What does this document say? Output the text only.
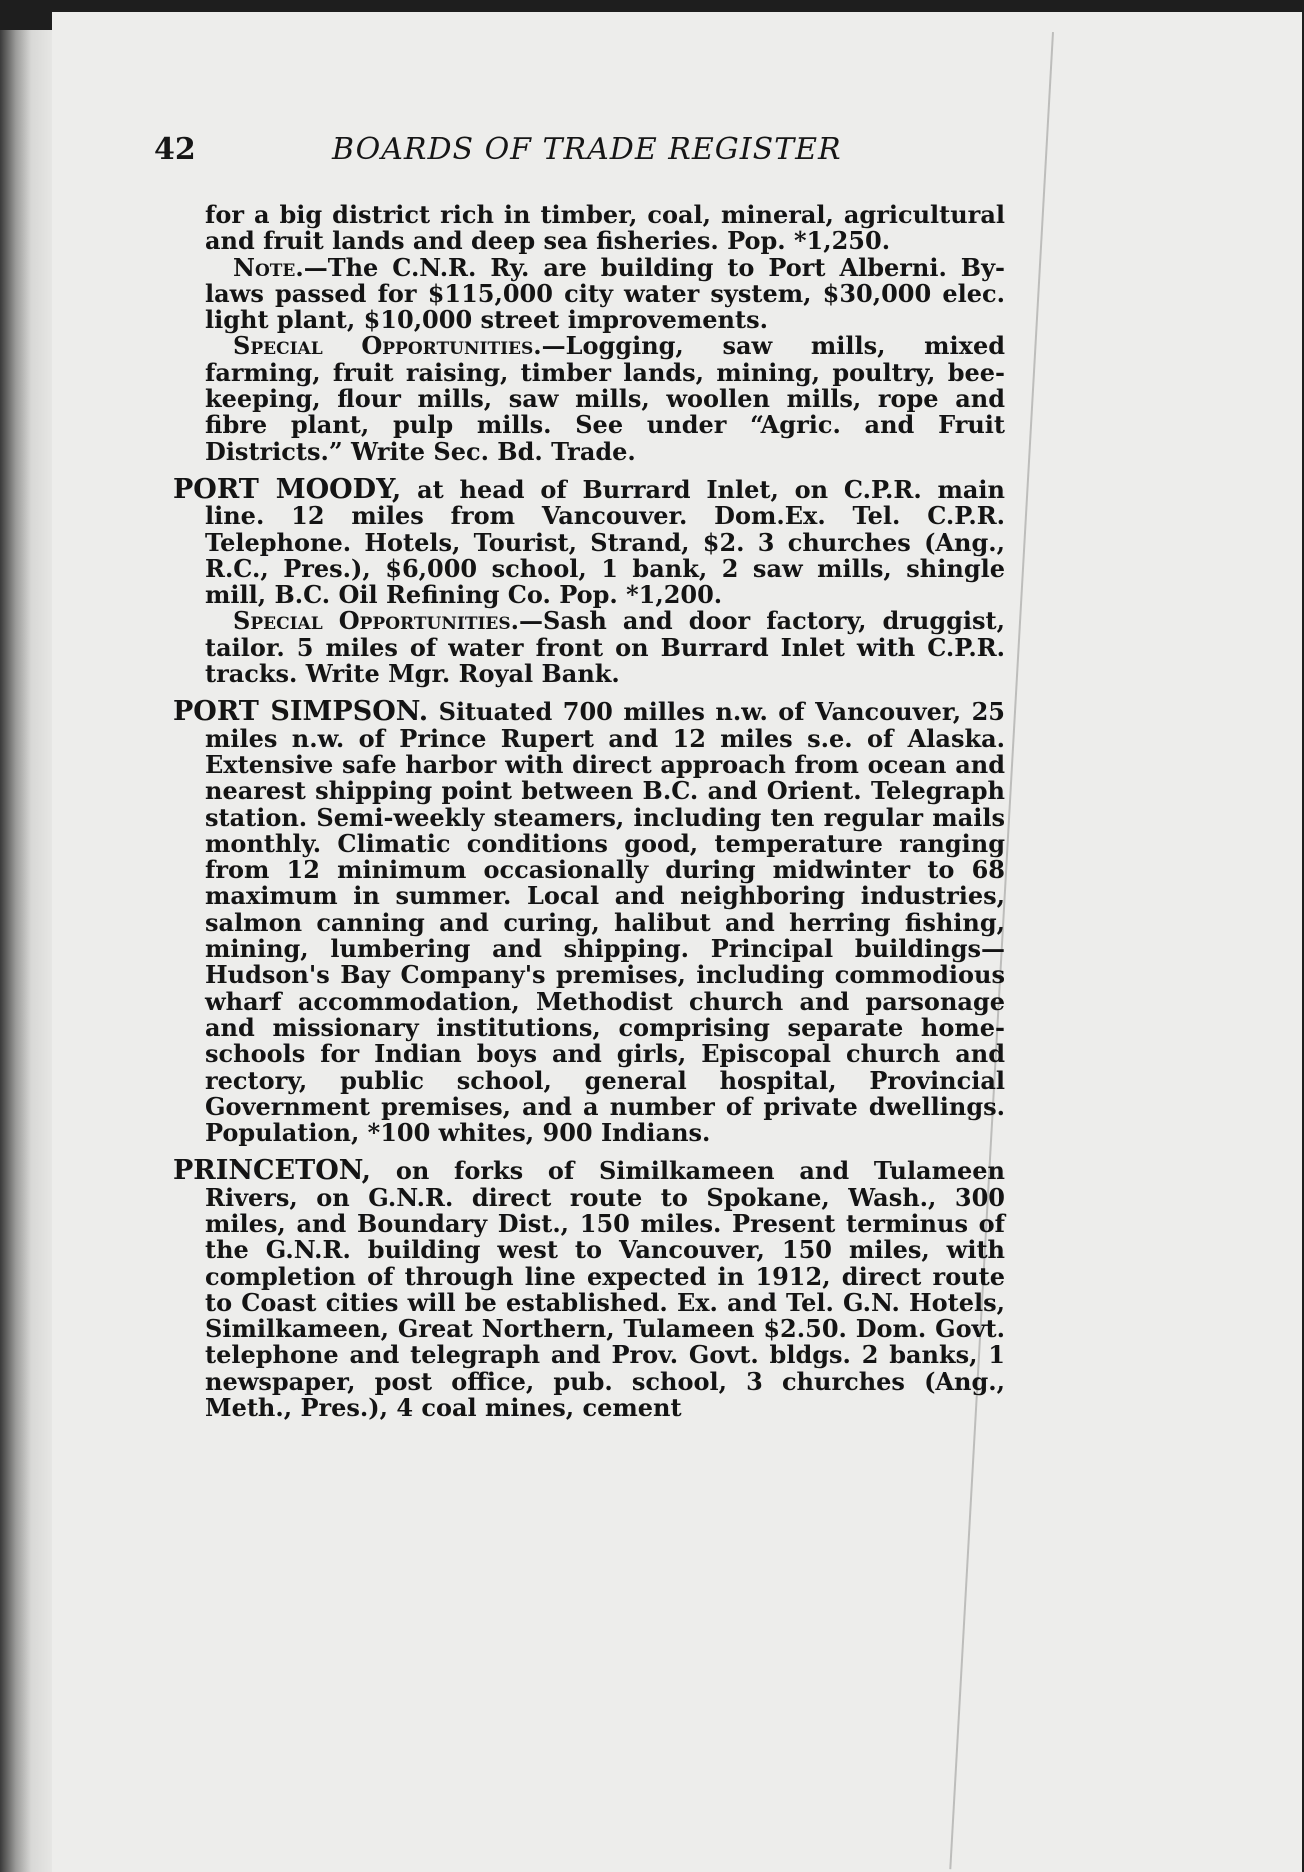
42	BOARDS OF TRADE REGISTER

for a big district rich in timber, coal, mineral, agricultural and fruit lands and deep sea fisheries. Pop. *1,250.

Note.—The C.N.R. Ry. are building to Port Alberni. By-laws passed for $115,000 city water system, $30,000 elec. light plant, $10,000 street improvements.

Special Opportunities.—Logging, saw mills, mixed farming, fruit raising, timber lands, mining, poultry, bee-keeping, flour mills, saw mills, woollen mills, rope and fibre plant, pulp mills. See under “Agric. and Fruit Districts.” Write Sec. Bd. Trade.

PORT MOODY, at head of Burrard Inlet, on C.P.R. main line. 12 miles from Vancouver. Dom.Ex. Tel. C.P.R. Telephone. Hotels, Tourist, Strand, $2. 3 churches (Ang., R.C., Pres.), $6,000 school, 1 bank, 2 saw mills, shingle mill, B.C. Oil Refining Co. Pop. *1,200.

Special Opportunities.—Sash and door factory, druggist, tailor. 5 miles of water front on Burrard Inlet with C.P.R. tracks. Write Mgr. Royal Bank.

PORT SIMPSON. Situated 700 milles n.w. of Vancouver, 25 miles n.w. of Prince Rupert and 12 miles s.e. of Alaska. Extensive safe harbor with direct approach from ocean and nearest shipping point between B.C. and Orient. Telegraph station. Semi-weekly steamers, including ten regular mails monthly. Climatic conditions good, temperature ranging from 12 minimum occasionally during midwinter to 68 maximum in summer. Local and neighboring industries, salmon canning and curing, halibut and herring fishing, mining, lumbering and shipping. Principal buildings—Hudson's Bay Company's premises, including commodious wharf accommodation, Methodist church and parsonage and missionary institutions, comprising separate home-schools for Indian boys and girls, Episcopal church and rectory, public school, general hospital, Provincial Government premises, and a number of private dwellings. Population, *100 whites, 900 Indians.

PRINCETON, on forks of Similkameen and Tulameen Rivers, on G.N.R. direct route to Spokane, Wash., 300 miles, and Boundary Dist., 150 miles. Present terminus of the G.N.R. building west to Vancouver, 150 miles, with completion of through line expected in 1912, direct route to Coast cities will be established. Ex. and Tel. G.N. Hotels, Similkameen, Great Northern, Tulameen $2.50. Dom. Govt. telephone and telegraph and Prov. Govt. bldgs. 2 banks, 1 newspaper, post office, pub. school, 3 churches (Ang., Meth., Pres.), 4 coal mines, cement
